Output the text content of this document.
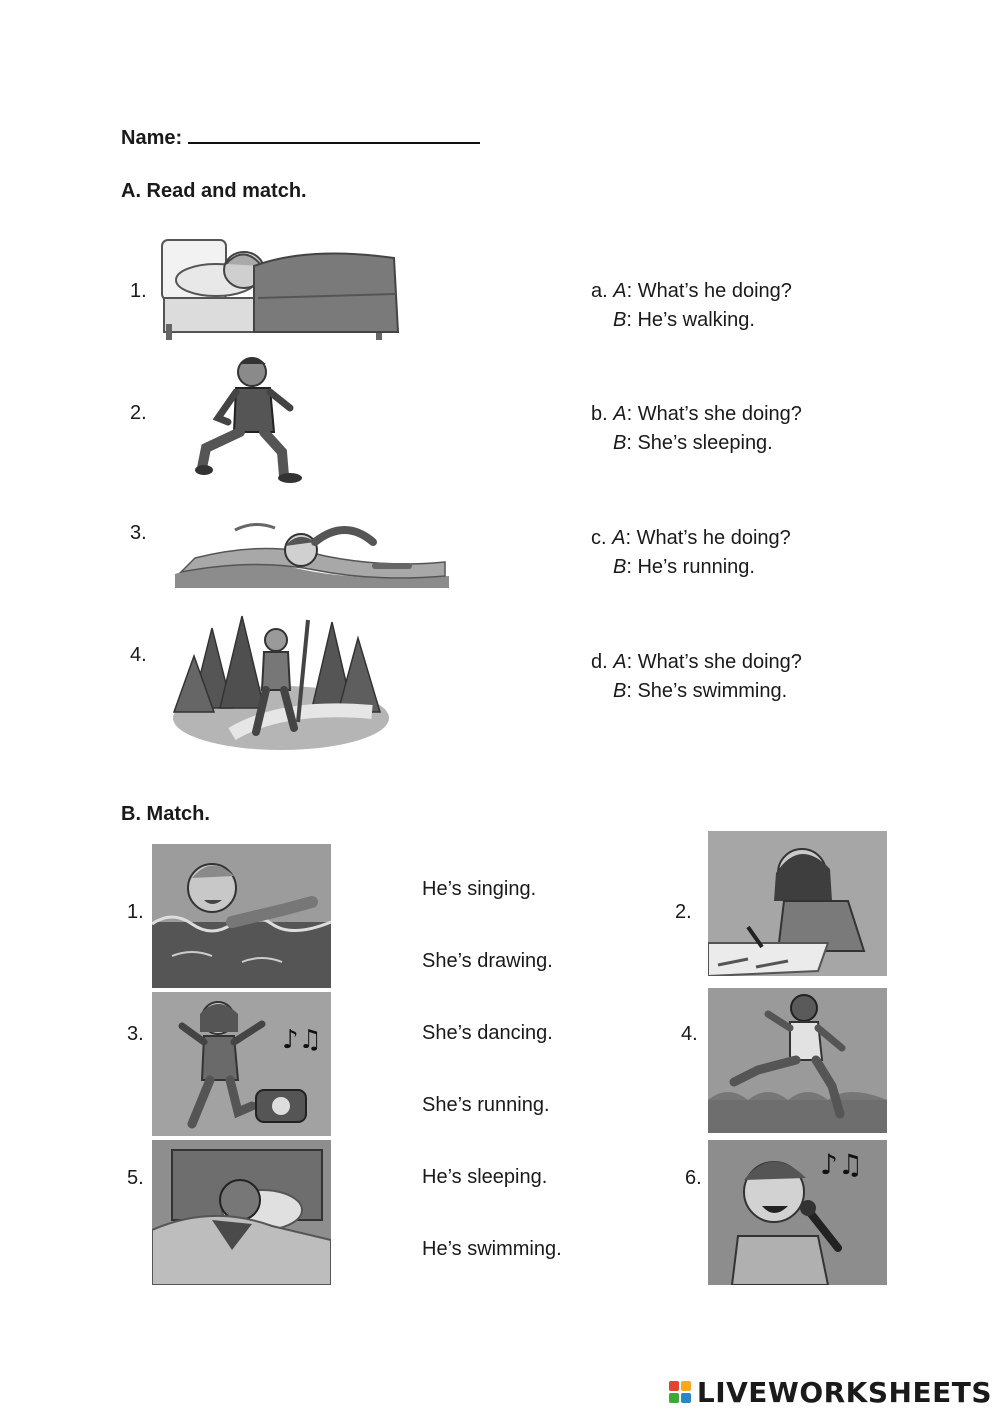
Name:
A. Read and match.
1.
2.
3.
4.
a. A: What’s he doing?
B: He’s walking.
b. A: What’s she doing?
B: She’s sleeping.
c. A: What’s he doing?
B: He’s running.
d. A: What’s she doing?
B: She’s swimming.
B. Match.
1.
3.
5.
2.
4.
6.
♪♫
♪♫
He’s singing.
She’s drawing.
She’s dancing.
She’s running.
He’s sleeping.
He’s swimming.
LIVEWORKSHEETS
